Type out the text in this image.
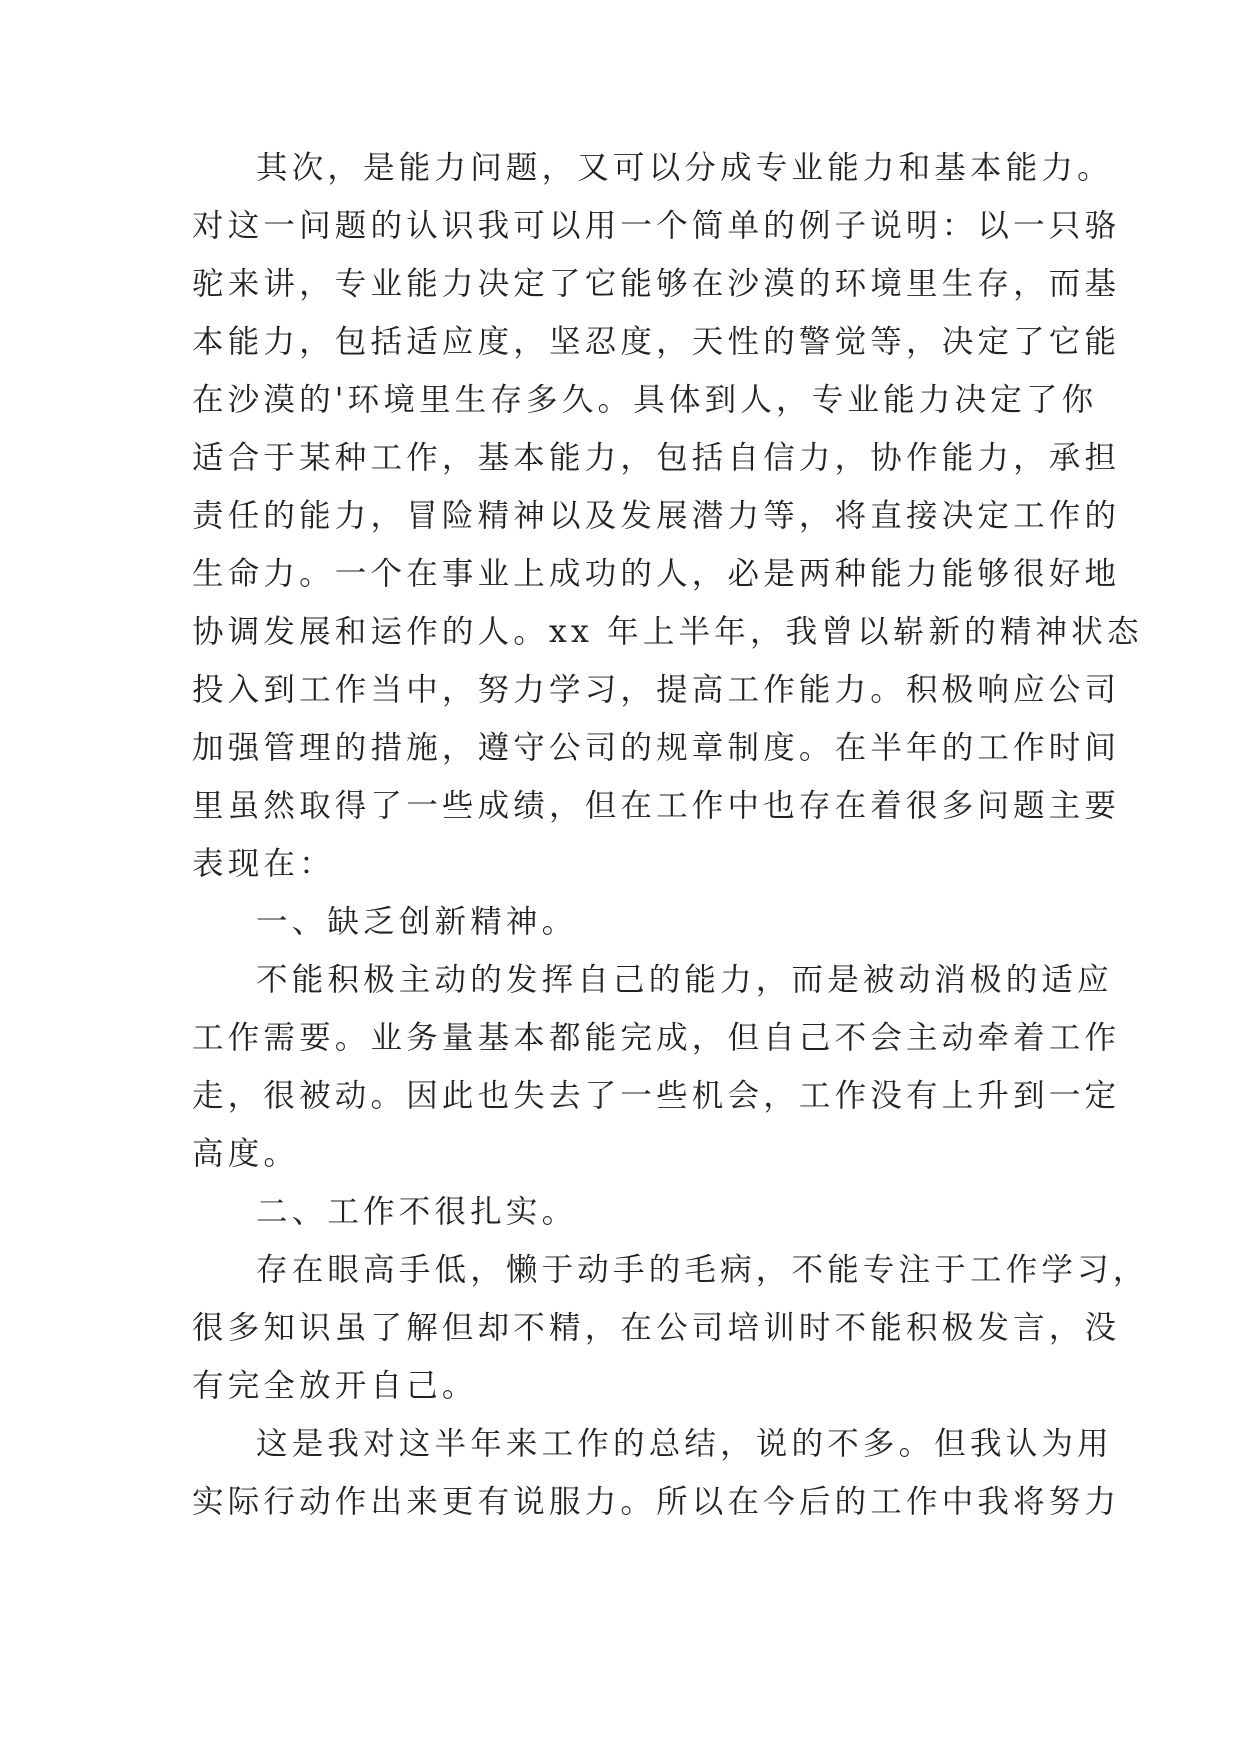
其次，是能力问题，又可以分成专业能力和基本能力。

对这一问题的认识我可以用一个简单的例子说明：以一只骆

驼来讲，专业能力决定了它能够在沙漠的环境里生存，而基

本能力，包括适应度，坚忍度，天性的警觉等，决定了它能

在沙漠的'环境里生存多久。具体到人，专业能力决定了你

适合于某种工作，基本能力，包括自信力，协作能力，承担

责任的能力，冒险精神以及发展潜力等，将直接决定工作的

生命力。一个在事业上成功的人，必是两种能力能够很好地

协调发展和运作的人。xx 年上半年，我曾以崭新的精神状态

投入到工作当中，努力学习，提高工作能力。积极响应公司

加强管理的措施，遵守公司的规章制度。在半年的工作时间

里虽然取得了一些成绩，但在工作中也存在着很多问题主要

表现在：

一、缺乏创新精神。

不能积极主动的发挥自己的能力，而是被动消极的适应

工作需要。业务量基本都能完成，但自己不会主动牵着工作

走，很被动。因此也失去了一些机会，工作没有上升到一定

高度。

二、工作不很扎实。

存在眼高手低，懒于动手的毛病，不能专注于工作学习，

很多知识虽了解但却不精，在公司培训时不能积极发言，没

有完全放开自己。

这是我对这半年来工作的总结，说的不多。但我认为用

实际行动作出来更有说服力。所以在今后的工作中我将努力
